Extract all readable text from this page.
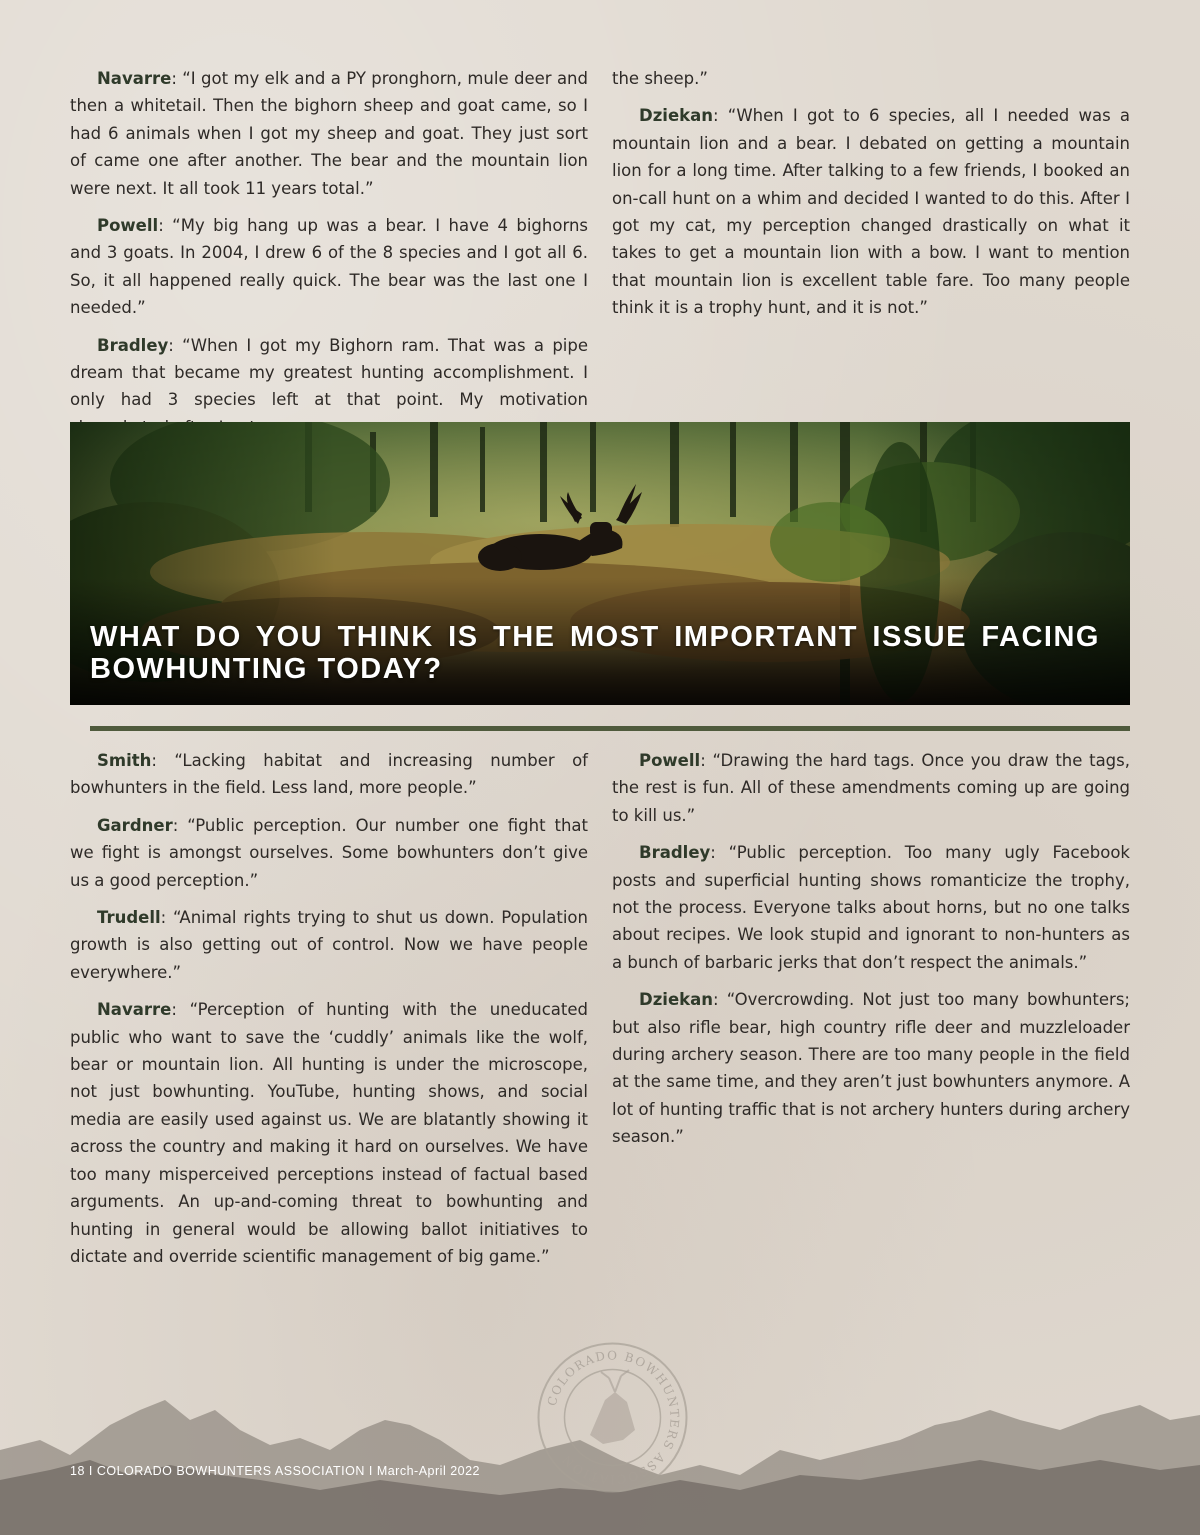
Navarre: “I got my elk and a PY pronghorn, mule deer and then a whitetail. Then the bighorn sheep and goat came, so I had 6 animals when I got my sheep and goat. They just sort of came one after another. The bear and the mountain lion were next. It all took 11 years total.”

Powell: “My big hang up was a bear. I have 4 bighorns and 3 goats. In 2004, I drew 6 of the 8 species and I got all 6. So, it all happened really quick. The bear was the last one I needed.”

Bradley: “When I got my Bighorn ram. That was a pipe dream that became my greatest hunting accomplishment. I only had 3 species left at that point. My motivation

the sheep.”

Dziekan: “When I got to 6 species, all I needed was a mountain lion and a bear. I debated on getting a mountain lion for a long time. After talking to a few friends, I booked an on-call hunt on a whim and decided I wanted to do this. After I got my cat, my perception changed drastically on what it takes to get a mountain lion with a bow. I want to mention that mountain lion is excellent table fare. Too many people think it is a trophy hunt, and it is not.”

WHAT DO YOU THINK IS THE MOST IMPORTANT ISSUE FACING BOWHUNTING TODAY?

Smith: “Lacking habitat and increasing number of bowhunters in the field. Less land, more people.”

Gardner: “Public perception. Our number one fight that we fight is amongst ourselves. Some bowhunters don’t give us a good perception.”

Trudell: “Animal rights trying to shut us down. Population growth is also getting out of control. Now we have people everywhere.”

Navarre: “Perception of hunting with the uneducated public who want to save the ‘cuddly’ animals like the wolf, bear or mountain lion. All hunting is under the microscope, not just bowhunting. YouTube, hunting shows, and social media are easily used against us. We are blatantly showing it across the country and making it hard on ourselves. We have too many misperceived perceptions instead of factual based arguments. An up-and-coming threat to bowhunting and hunting in general would be allowing ballot initiatives to dictate and override scientific management of big game.”

Powell: “Drawing the hard tags. Once you draw the tags, the rest is fun. All of these amendments coming up are going to kill us.”

Bradley: “Public perception. Too many ugly Facebook posts and superficial hunting shows romanticize the trophy, not the process. Everyone talks about horns, but no one talks about recipes. We look stupid and ignorant to non-hunters as a bunch of barbaric jerks that don’t respect the animals.”

Dziekan: “Overcrowding. Not just too many bowhunters; but also rifle bear, high country rifle deer and muzzleloader during archery season. There are too many people in the field at the same time, and they aren’t just bowhunters anymore. A lot of hunting traffic that is not archery hunters during archery season.”

COLORADO BOWHUNTERS ASSOCIATION
18 I COLORADO BOWHUNTERS ASSOCIATION I March-April 2022
